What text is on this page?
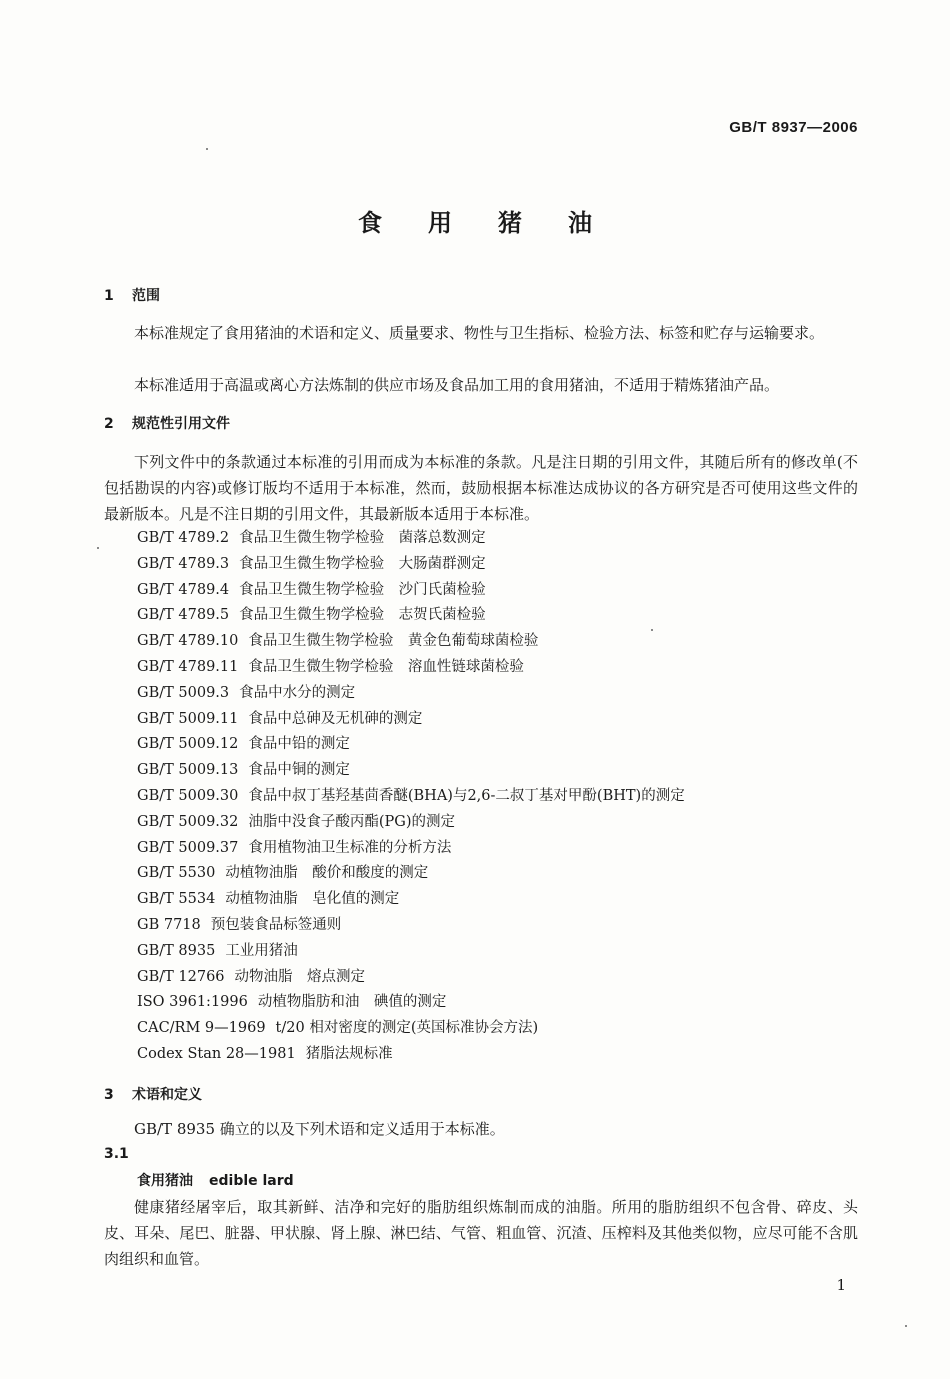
GB/T 8937—2006
食用猪油
1 范围
本标准规定了食用猪油的术语和定义、质量要求、物性与卫生指标、检验方法、标签和贮存与运输要求。
本标准适用于高温或离心方法炼制的供应市场及食品加工用的食用猪油，不适用于精炼猪油产品。
2 规范性引用文件
下列文件中的条款通过本标准的引用而成为本标准的条款。凡是注日期的引用文件，其随后所有的修改单(不包括勘误的内容)或修订版均不适用于本标准，然而，鼓励根据本标准达成协议的各方研究是否可使用这些文件的最新版本。凡是不注日期的引用文件，其最新版本适用于本标准。
GB/T 4789.2 食品卫生微生物学检验　菌落总数测定
GB/T 4789.3 食品卫生微生物学检验　大肠菌群测定
GB/T 4789.4 食品卫生微生物学检验　沙门氏菌检验
GB/T 4789.5 食品卫生微生物学检验　志贺氏菌检验
GB/T 4789.10 食品卫生微生物学检验　黄金色葡萄球菌检验
GB/T 4789.11 食品卫生微生物学检验　溶血性链球菌检验
GB/T 5009.3 食品中水分的测定
GB/T 5009.11 食品中总砷及无机砷的测定
GB/T 5009.12 食品中铅的测定
GB/T 5009.13 食品中铜的测定
GB/T 5009.30 食品中叔丁基羟基茴香醚(BHA)与2,6-二叔丁基对甲酚(BHT)的测定
GB/T 5009.32 油脂中没食子酸丙酯(PG)的测定
GB/T 5009.37 食用植物油卫生标准的分析方法
GB/T 5530 动植物油脂　酸价和酸度的测定
GB/T 5534 动植物油脂　皂化值的测定
GB 7718 预包装食品标签通则
GB/T 8935 工业用猪油
GB/T 12766 动物油脂　熔点测定
ISO 3961:1996 动植物脂肪和油　碘值的测定
CAC/RM 9—1969 t/20 相对密度的测定(英国标准协会方法)
Codex Stan 28—1981 猪脂法规标准
3 术语和定义
GB/T 8935 确立的以及下列术语和定义适用于本标准。
3.1
食用猪油 edible lard
健康猪经屠宰后，取其新鲜、洁净和完好的脂肪组织炼制而成的油脂。所用的脂肪组织不包含骨、碎皮、头皮、耳朵、尾巴、脏器、甲状腺、肾上腺、淋巴结、气管、粗血管、沉渣、压榨料及其他类似物，应尽可能不含肌肉组织和血管。
1
